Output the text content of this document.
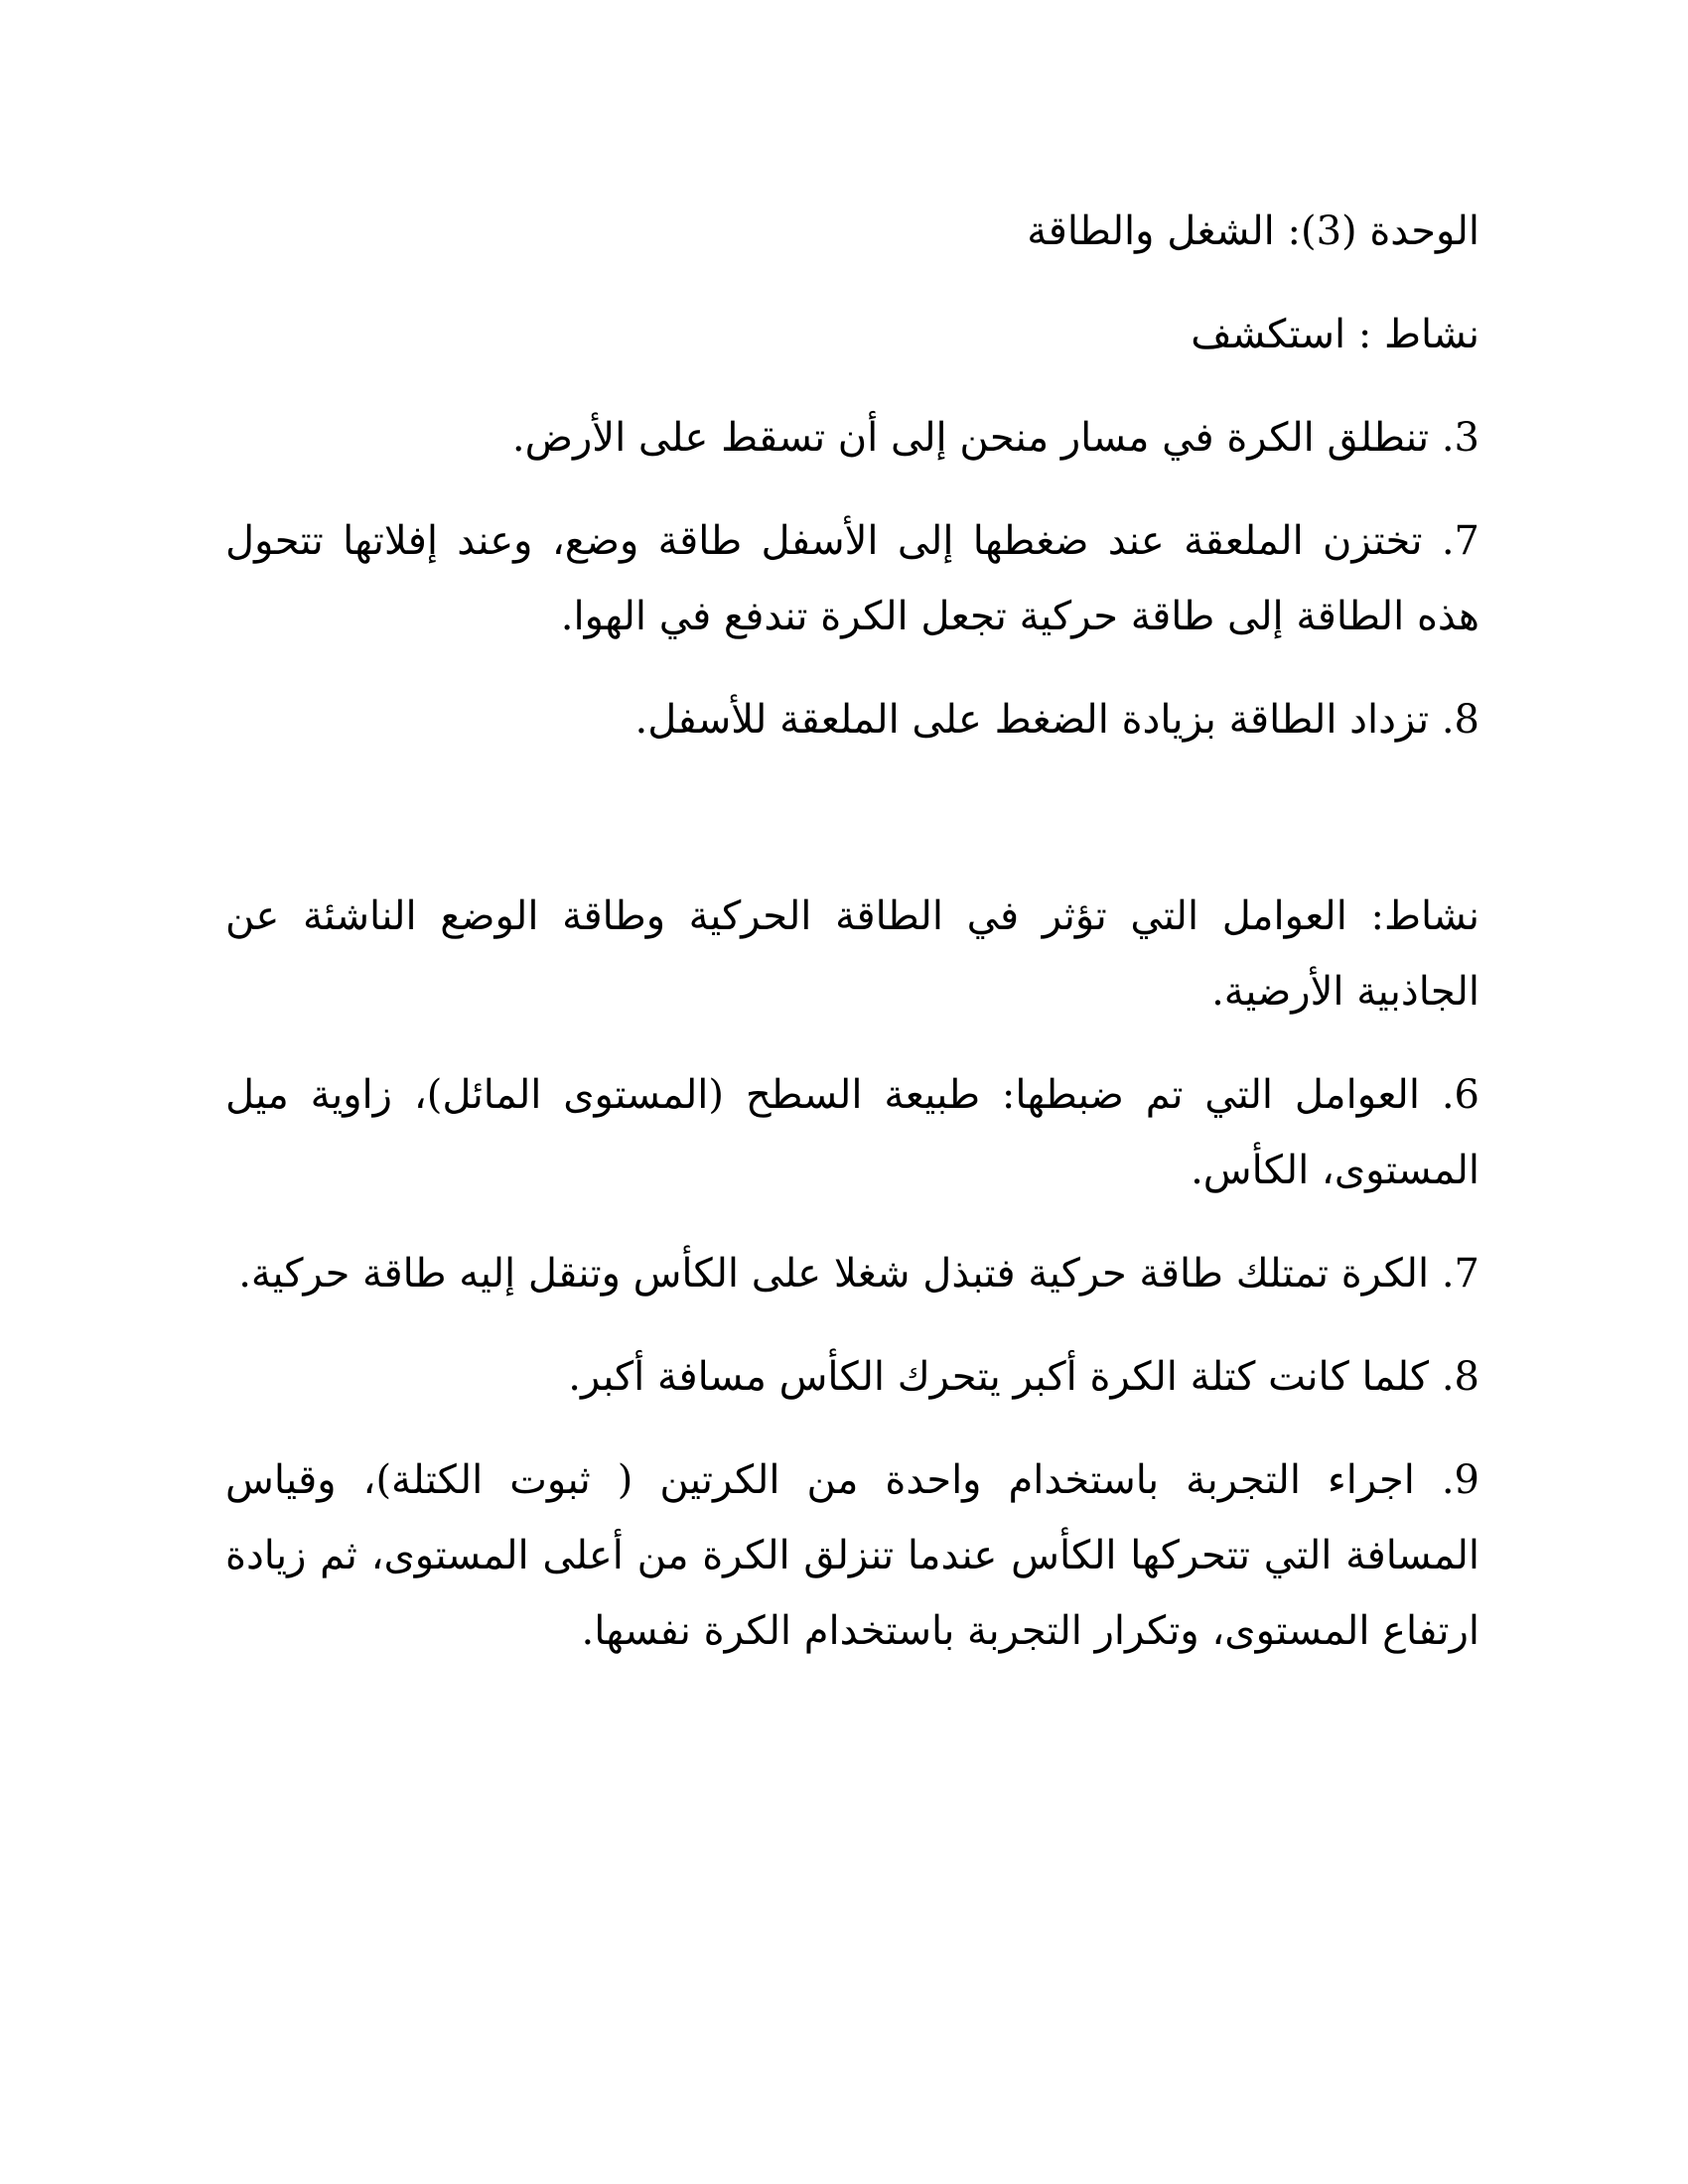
الوحدة (3): الشغل والطاقة

نشاط : استكشف

3. تنطلق الكرة في مسار منحن إلى أن تسقط على الأرض.

7. تختزن الملعقة عند ضغطها إلى الأسفل طاقة وضع، وعند إفلاتها تتحول هذه الطاقة إلى طاقة حركية تجعل الكرة تندفع في الهوا.

8. تزداد الطاقة بزيادة الضغط على الملعقة للأسفل.

نشاط: العوامل التي تؤثر في الطاقة الحركية وطاقة الوضع الناشئة عن الجاذبية الأرضية.

6. العوامل التي تم ضبطها: طبيعة السطح (المستوى المائل)، زاوية ميل المستوى، الكأس.

7. الكرة تمتلك طاقة حركية فتبذل شغلا على الكأس وتنقل إليه طاقة حركية.

8. كلما كانت كتلة الكرة أكبر يتحرك الكأس مسافة أكبر.

9. اجراء التجربة باستخدام واحدة من الكرتين ( ثبوت الكتلة)، وقياس المسافة التي تتحركها الكأس عندما تنزلق الكرة من أعلى المستوى، ثم زيادة ارتفاع المستوى، وتكرار التجربة باستخدام الكرة نفسها.
